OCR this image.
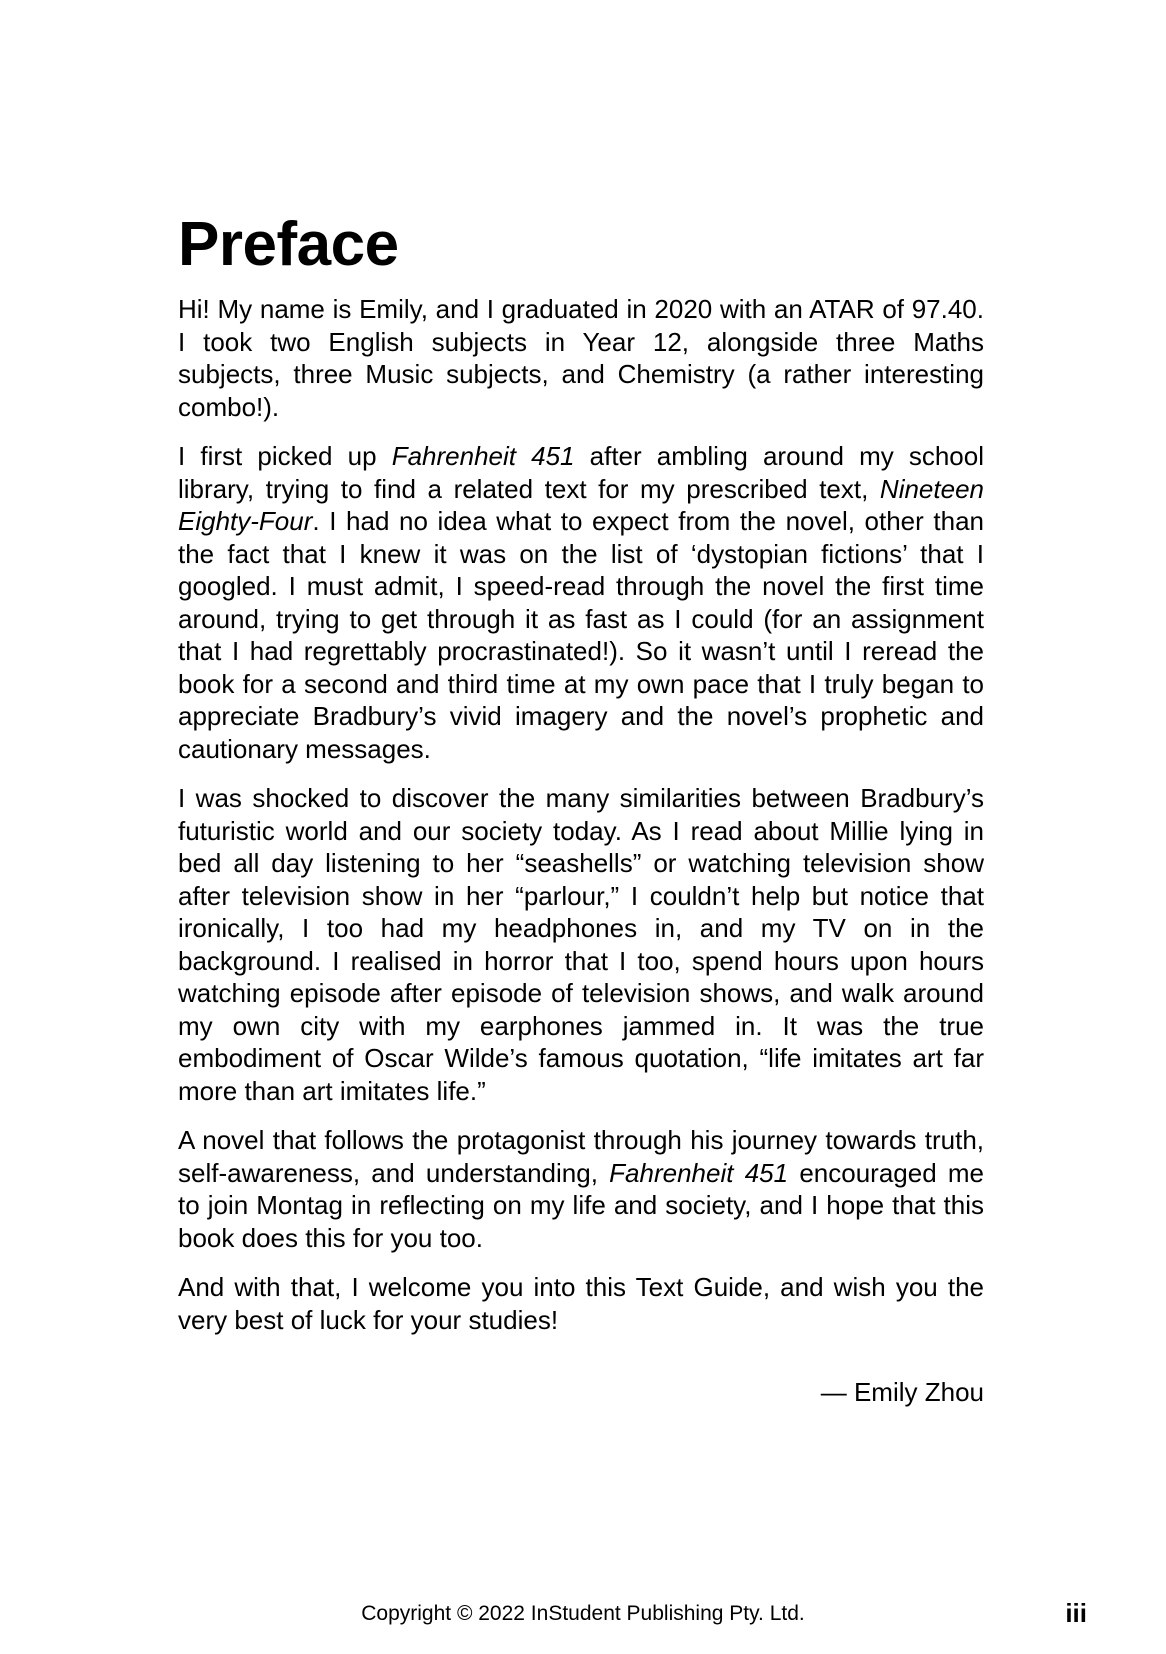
Preface

Hi! My name is Emily, and I graduated in 2020 with an ATAR of 97.40. I took two English subjects in Year 12, alongside three Maths subjects, three Music subjects, and Chemistry (a rather interesting combo!).

I first picked up Fahrenheit 451 after ambling around my school library, trying to find a related text for my prescribed text, Nineteen Eighty-Four. I had no idea what to expect from the novel, other than the fact that I knew it was on the list of ‘dystopian fictions’ that I googled. I must admit, I speed-read through the novel the first time around, trying to get through it as fast as I could (for an assignment that I had regrettably procrastinated!). So it wasn’t until I reread the book for a second and third time at my own pace that I truly began to appreciate Bradbury’s vivid imagery and the novel’s prophetic and cautionary messages.

I was shocked to discover the many similarities between Bradbury’s futuristic world and our society today. As I read about Millie lying in bed all day listening to her “seashells” or watching television show after television show in her “parlour,” I couldn’t help but notice that ironically, I too had my headphones in, and my TV on in the background. I realised in horror that I too, spend hours upon hours watching episode after episode of television shows, and walk around my own city with my earphones jammed in. It was the true embodiment of Oscar Wilde’s famous quotation, “life imitates art far more than art imitates life.”

A novel that follows the protagonist through his journey towards truth, self-awareness, and understanding, Fahrenheit 451 encouraged me to join Montag in reflecting on my life and society, and I hope that this book does this for you too.

And with that, I welcome you into this Text Guide, and wish you the very best of luck for your studies!

— Emily Zhou
Copyright © 2022 InStudent Publishing Pty. Ltd.	iii
